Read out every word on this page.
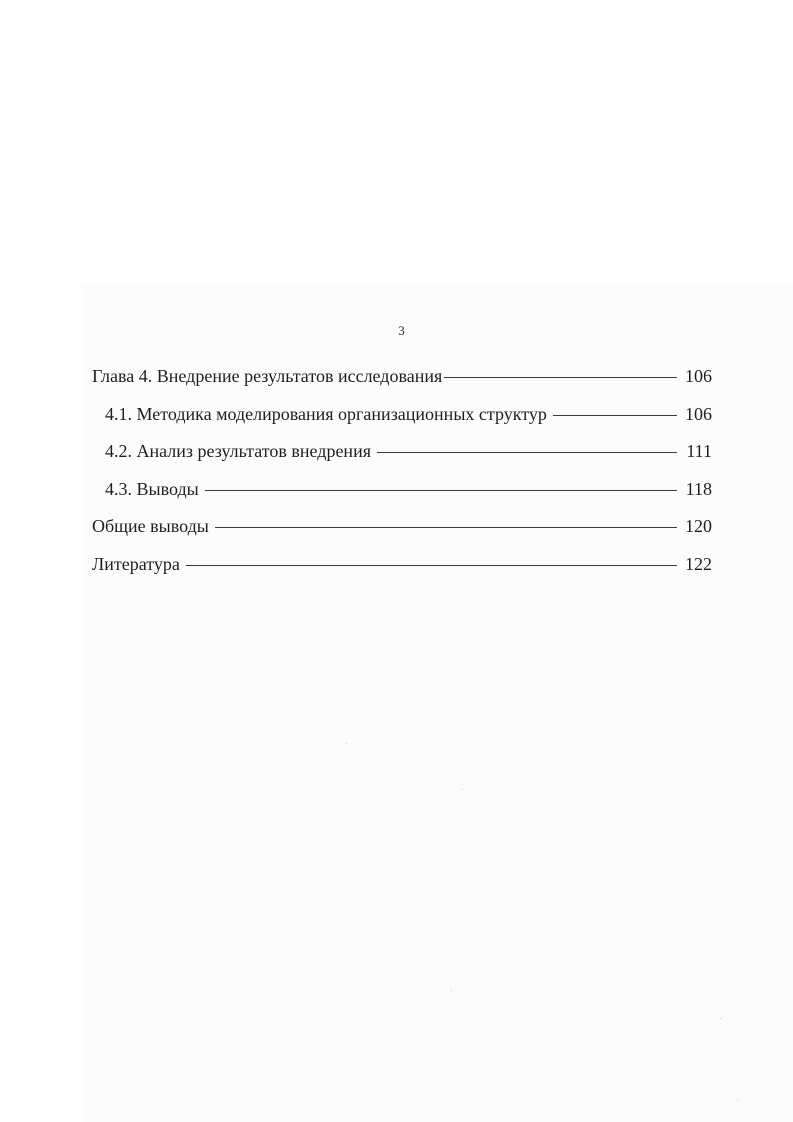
3
Глава 4. Внедрение результатов исследования	106
4.1. Методика моделирования организационных структур	106
4.2. Анализ результатов внедрения	111
4.3. Выводы	118
Общие выводы	120
Литература	122
